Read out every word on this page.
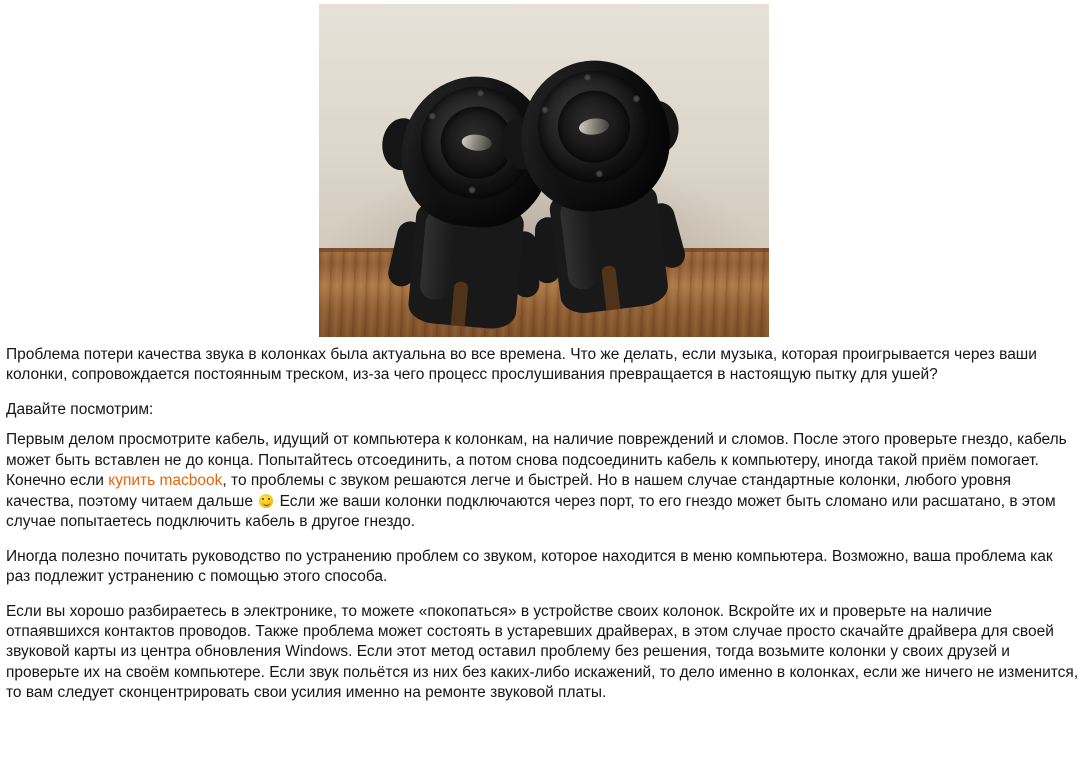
Проблема потери качества звука в колонках была актуальна во все времена. Что же делать, если музыка, которая проигрывается через ваши колонки, сопровождается постоянным треском, из-за чего процесс прослушивания превращается в настоящую пытку для ушей?

Давайте посмотрим:

Первым делом просмотрите кабель, идущий от компьютера к колонкам, на наличие повреждений и сломов. После этого проверьте гнездо, кабель может быть вставлен не до конца. Попытайтесь отсоединить, а потом снова подсоединить кабель к компьютеру, иногда такой приём помогает. Конечно если купить macbook, то проблемы с звуком решаются легче и быстрей. Но в нашем случае стандартные колонки, любого уровня качества, поэтому читаем дальше  Если же ваши колонки подключаются через порт, то его гнездо может быть сломано или расшатано, в этом случае попытаетесь подключить кабель в другое гнездо.

Иногда полезно почитать руководство по устранению проблем со звуком, которое находится в меню компьютера. Возможно, ваша проблема как раз подлежит устранению с помощью этого способа.

Если вы хорошо разбираетесь в электронике, то можете «покопаться» в устройстве своих колонок. Вскройте их и проверьте на наличие отпаявшихся контактов проводов. Также проблема может состоять в устаревших драйверах, в этом случае просто скачайте драйвера для своей звуковой карты из центра обновления Windows. Если этот метод оставил проблему без решения, тогда возьмите колонки у своих друзей и проверьте их на своём компьютере. Если звук польётся из них без каких-либо искажений, то дело именно в колонках, если же ничего не изменится, то вам следует сконцентрировать свои усилия именно на ремонте звуковой платы.
